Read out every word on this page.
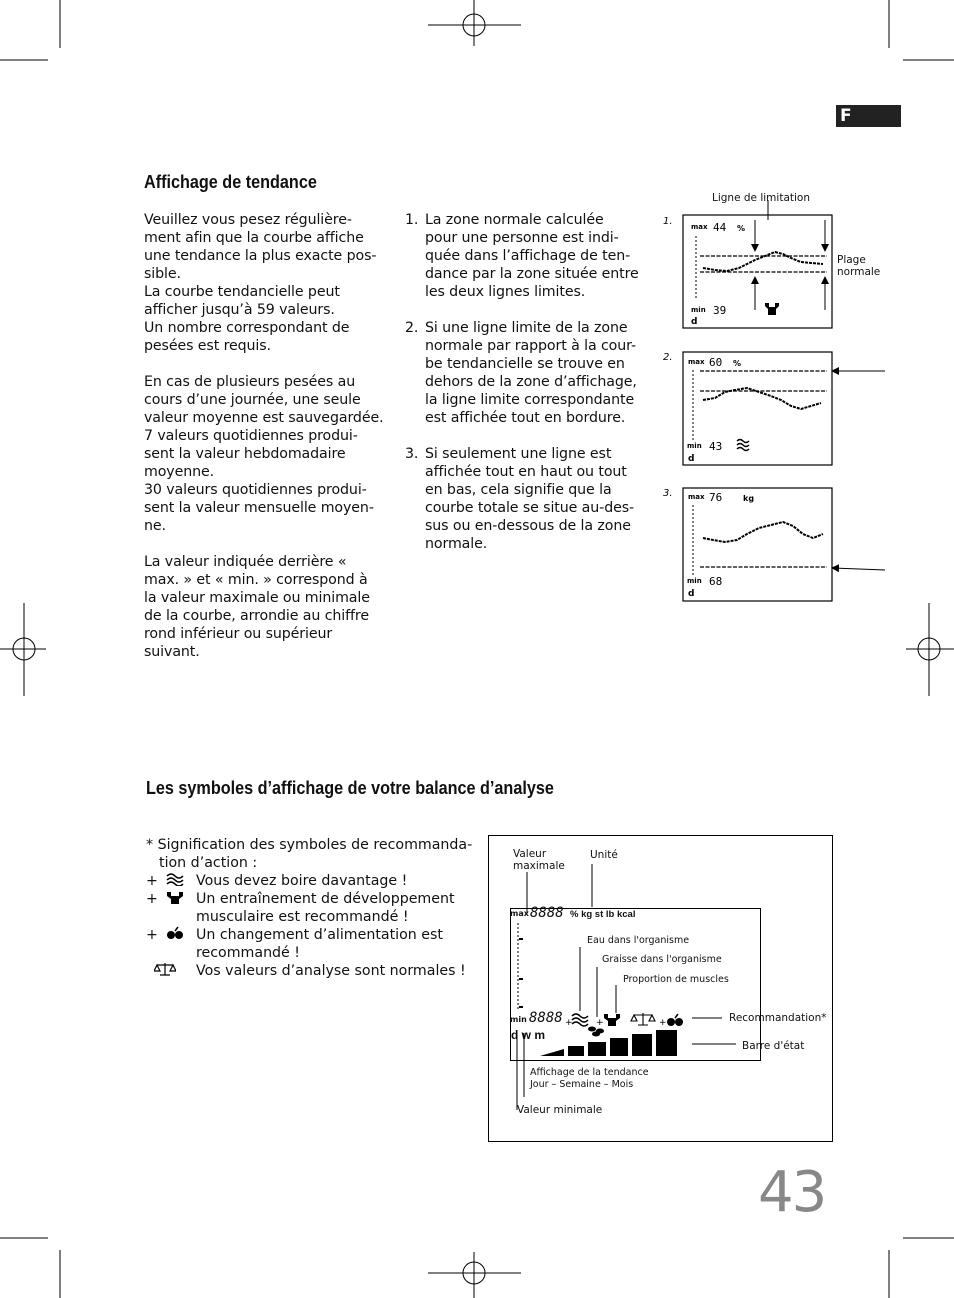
F
Affichage de tendance

Veuillez vous pesez régulière-
ment afin que la courbe affiche
une tendance la plus exacte pos-
sible.
La courbe tendancielle peut
afficher jusqu’à 59 valeurs.
Un nombre correspondant de
pesées est requis.

En cas de plusieurs pesées au
cours d’une journée, une seule
valeur moyenne est sauvegardée.
7 valeurs quotidiennes produi-
sent la valeur hebdomadaire
moyenne.
30 valeurs quotidiennes produi-
sent la valeur mensuelle moyen-
ne.

La valeur indiquée derrière «
max. » et « min. » correspond à
la valeur maximale ou minimale
de la courbe, arrondie au chiffre
rond inférieur ou supérieur
suivant.

1. La zone normale calculée
pour une personne est indi-
quée dans l’affichage de ten-
dance par la zone située entre
les deux lignes limites.
2. Si une ligne limite de la zone
normale par rapport à la cour-
be tendancielle se trouve en
dehors de la zone d’affichage,
la ligne limite correspondante
est affichée tout en bordure.
3. Si seulement une ligne est
affichée tout en haut ou tout
en bas, cela signifie que la
courbe totale se situe au-des-
sus ou en-dessous de la zone
normale.
Ligne de limitation
Plage
normale
1.	max 44 %
min 39
d
2. max 60 %
min 43
d
3. max 76	kg
min 68
d
Les symboles d’affichage de votre balance d’analyse
* Signification des symboles de recommanda-
tion d’action :
+	Vous devez boire davantage !
+	Un entraînement de développement
musculaire est recommandé !
+	Un changement d’alimentation est
recommandé !
Vos valeurs d’analyse sont normales !
Valeur
maximale
Unité
max 8888 % kg st lb kcal
Eau dans l'organisme
Graisse dans l'organisme
Proportion de muscles
Recommandation*
Barre d'état
min 8888
d w m
Affichage de la tendance
Jour – Semaine – Mois
Valeur minimale
+	+	+
43
